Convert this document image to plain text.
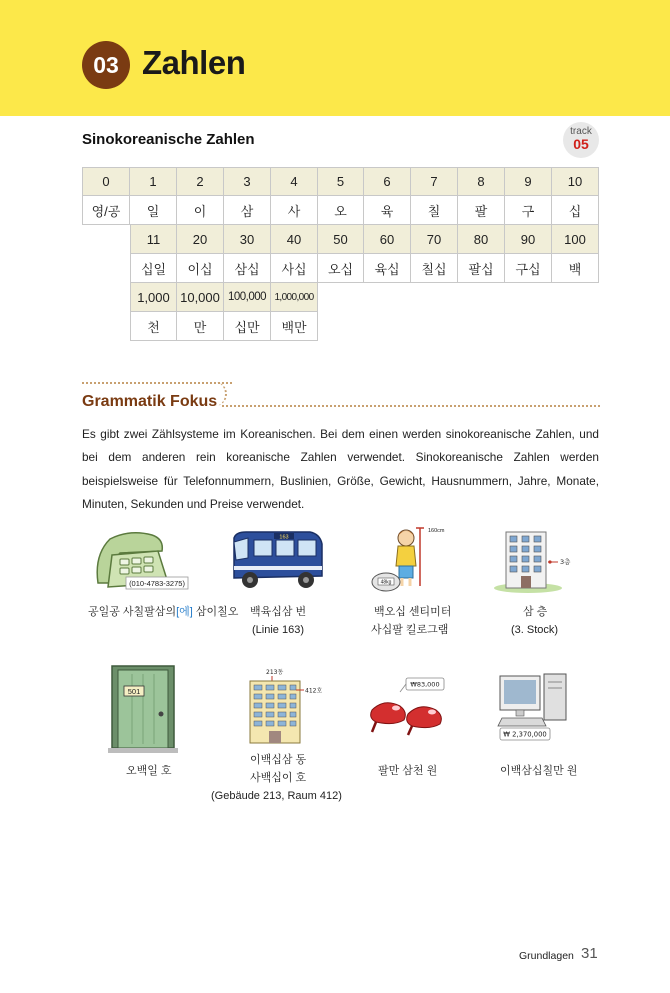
03 Zahlen
Sinokoreanische Zahlen	track
05
0	1	2	3	4	5	6	7	8	9	10
영/공	일	이	삼	사	오	육	칠	팔	구	십
11	20	30	40	50	60	70	80	90	100
십일	이십	삼십	사십	오십	육십	칠십	팔십	구십	백
1,000 10,000 100,000 1,000,000
천	만	십만	백만
Grammatik Fokus

Es gibt zwei Zählsysteme im Koreanischen. Bei dem einen werden sinokoreanische Zahlen, und bei dem anderen rein koreanische Zahlen verwendet. Sinokoreanische Zahlen werden beispielsweise für Telefonnummern, Buslinien, Größe, Gewicht, Hausnummern, Jahre, Monate, Minuten, Sekunden und Preise verwendet.

(010-4783-3275)
공일공 사칠팔삼의[에] 삼이칠오
163
백육십삼 번
(Linie 163)
160cm
48kg
백오십 센티미터
사십팔 킬로그램
3층
삼 층
(3. Stock)
501
오백일 호
213동
412호
이백십삼 동
사백십이 호
(Gebäude 213, Raum 412)
₩83,000
팔만 삼천 원
₩ 2,370,000
이백삼십칠만 원
Grundlagen 31
